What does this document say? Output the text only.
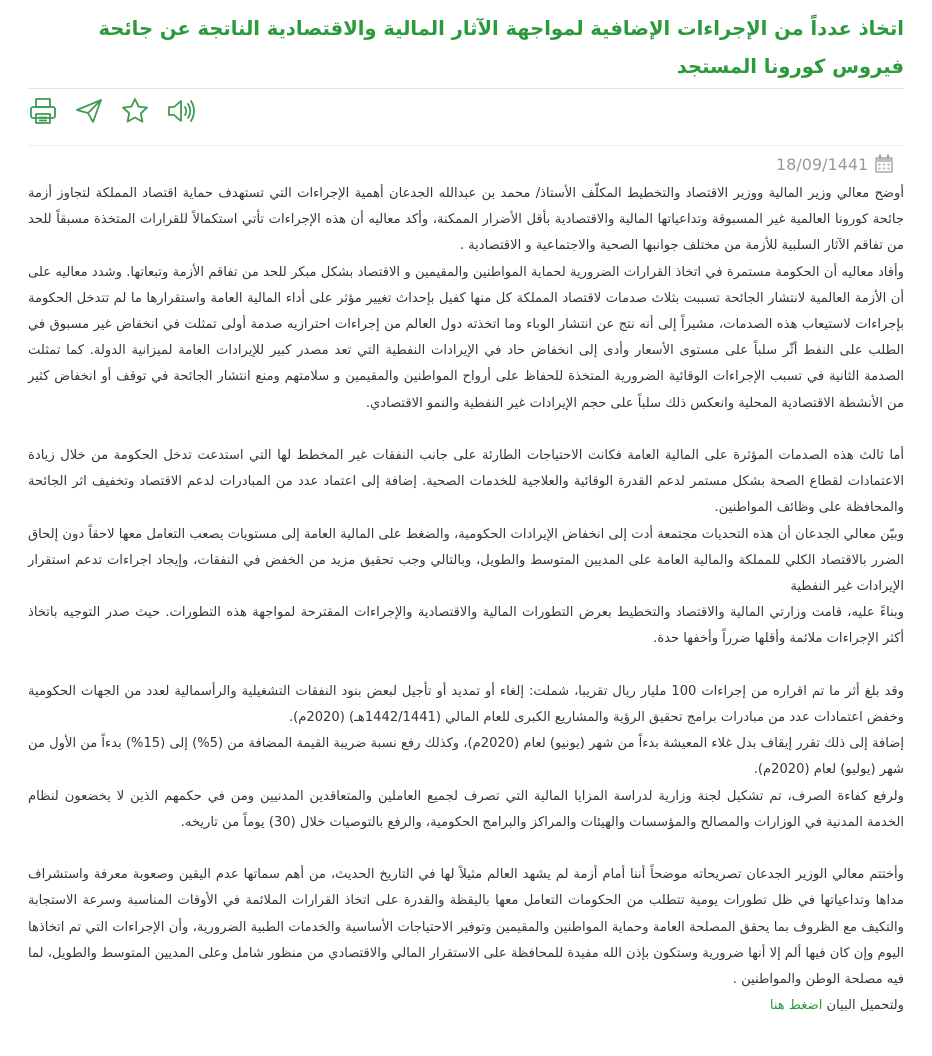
اتخاذ عدداً من الإجراءات الإضافية لمواجهة الآثار المالية والاقتصادية الناتجة عن جائحة فيروس كورونا المستجد
18/09/1441

أوضح معالي وزير المالية ووزير الاقتصاد والتخطيط المكلّف الأستاذ/ محمد بن عبدالله الجدعان أهمية الإجراءات التي تستهدف حماية اقتصاد المملكة لتجاوز أزمة جائحة كورونا العالمية غير المسبوقة وتداعياتها المالية والاقتصادية بأقل الأضرار الممكنة، وأكد معاليه أن هذه الإجراءات تأتي استكمالاً للقرارات المتخذة مسبقاً للحد من تفاقم الآثار السلبية للأزمة من مختلف جوانبها الصحية والاجتماعية و الاقتصادية .

وأفاد معاليه أن الحكومة مستمرة في اتخاذ القرارات الضرورية لحماية المواطنين والمقيمين و الاقتصاد بشكل مبكر للحد من تفاقم الأزمة وتبعاتها. وشدد معاليه على أن الأزمة العالمية لانتشار الجائحة تسببت بثلاث صدمات لاقتصاد المملكة كل منها كفيل بإحداث تغيير مؤثر على أداء المالية العامة واستقرارها ما لم تتدخل الحكومة بإجراءات لاستيعاب هذه الصدمات، مشيراً إلى أنه نتج عن انتشار الوباء وما اتخذته دول العالم من إجراءات احترازيه صدمة أولى تمثلت في انخفاض غير مسبوق في الطلب على النفط أثّر سلباً على مستوى الأسعار وأدى إلى انخفاض حاد في الإيرادات النفطية التي تعد مصدر كبير للإيرادات العامة لميزانية الدولة. كما تمثلت الصدمة الثانية في تسبب الإجراءات الوقائية الضرورية المتخذة للحفاظ على أرواح المواطنين والمقيمين و سلامتهم ومنع انتشار الجائحة في توقف أو انخفاض كثير من الأنشطة الاقتصادية المحلية وانعكس ذلك سلباً على حجم الإيرادات غير النفطية والنمو الاقتصادي.

أما ثالث هذه الصدمات المؤثرة على المالية العامة فكانت الاحتياجات الطارئة على جانب النفقات غير المخطط لها التي استدعت تدخل الحكومة من خلال زيادة الاعتمادات لقطاع الصحة بشكل مستمر لدعم القدرة الوقائية والعلاجية للخدمات الصحية. إضافة إلى اعتماد عدد من المبادرات لدعم الاقتصاد وتخفيف اثر الجائحة والمحافظة على وظائف المواطنين.

وبيّن معالي الجدعان أن هذه التحديات مجتمعة أدت إلى انخفاض الإيرادات الحكومية، والضغط على المالية العامة إلى مستويات يصعب التعامل معها لاحقاً دون إلحاق الضرر بالاقتصاد الكلي للمملكة والمالية العامة على المديين المتوسط والطويل، وبالتالي وجب تحقيق مزيد من الخفض في النفقات، وإيجاد اجراءات تدعم استقرار الإيرادات غير النفطية

وبناءً عليه، قامت وزارتي المالية والاقتصاد والتخطيط بعرض التطورات المالية والاقتصادية والإجراءات المقترحة لمواجهة هذه التطورات. حيث صدر التوجيه باتخاذ أكثر الإجراءات ملائمة وأقلها ضرراً وأخفها حدة.

وقد بلغ أثر ما تم اقراره من إجراءات 100 مليار ريال تقريبا، شملت: إلغاء أو تمديد أو تأجيل لبعض بنود النفقات التشغيلية والرأسمالية لعدد من الجهات الحكومية وخفض اعتمادات عدد من مبادرات برامج تحقيق الرؤية والمشاريع الكبرى للعام المالي (1442/1441هـ) (2020م).

إضافة إلى ذلك تقرر إيقاف بدل غلاء المعيشة بدءاً من شهر (يونيو) لعام (2020م)، وكذلك رفع نسبة ضريبة القيمة المضافة من (5%) إلى (15%) بدءاً من الأول من شهر (يوليو) لعام (2020م).

ولرفع كفاءة الصرف، تم تشكيل لجنة وزارية لدراسة المزايا المالية التي تصرف لجميع العاملين والمتعاقدين المدنيين ومن في حكمهم الذين لا يخضعون لنظام الخدمة المدنية في الوزارات والمصالح والمؤسسات والهيئات والمراكز والبرامج الحكومية، والرفع بالتوصيات خلال (30) يوماً من تاريخه.

وأختتم معالي الوزير الجدعان تصريحاته موضحاً أننا أمام أزمة لم يشهد العالم مثيلاً لها في التاريخ الحديث، من أهم سماتها عدم اليقين وصعوبة معرفة واستشراف مداها وتداعياتها في ظل تطورات يومية تتطلب من الحكومات التعامل معها باليقظة والقدرة على اتخاذ القرارات الملائمة في الأوقات المناسبة وسرعة الاستجابة والتكيف مع الظروف بما يحقق المصلحة العامة وحماية المواطنين والمقيمين وتوفير الاحتياجات الأساسية والخدمات الطبية الضرورية، وأن الإجراءات التي تم اتخاذها اليوم وإن كان فيها ألم إلا أنها ضرورية وستكون بإذن الله مفيدة للمحافظة على الاستقرار المالي والاقتصادي من منظور شامل وعلى المديين المتوسط والطويل، لما فيه مصلحة الوطن والمواطنين .

ولتحميل البيان اضغط هنا
